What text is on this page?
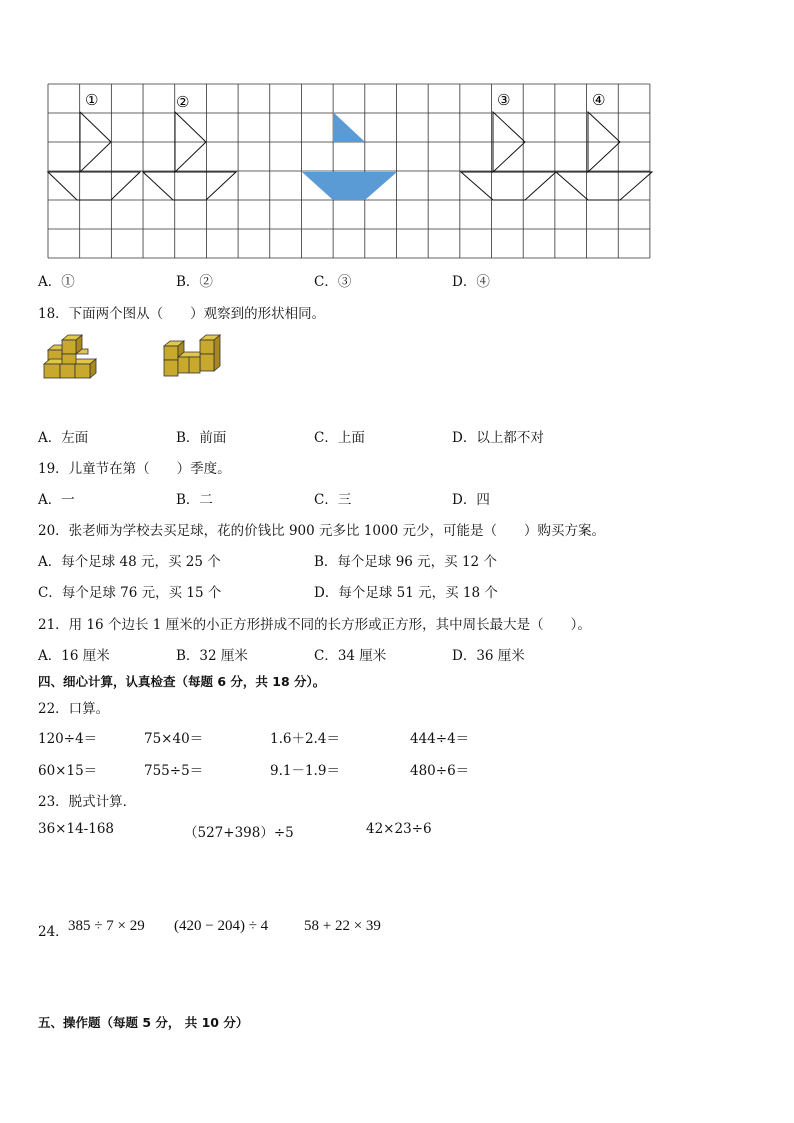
①	②	③	④
A．①	B．②	C．③	D．④
18．下面两个图从（　　）观察到的形状相同。
A．左面	B．前面	C．上面	D．以上都不对
19．儿童节在第（　　）季度。
A．一	B．二	C．三	D．四
20．张老师为学校去买足球，花的价钱比 900 元多比 1000 元少，可能是（　　）购买方案。
A．每个足球 48 元，买 25 个	B．每个足球 96 元，买 12 个
C．每个足球 76 元，买 15 个	D．每个足球 51 元，买 18 个
21．用 16 个边长 1 厘米的小正方形拼成不同的长方形或正方形，其中周长最大是（　　）。
A．16 厘米	B．32 厘米	C．34 厘米	D．36 厘米
四、细心计算，认真检查（每题 6 分，共 18 分）。
22．口算。
120÷4＝	75×40＝	1.6＋2.4＝	444÷4＝
60×15＝	755÷5＝	9.1－1.9＝	480÷6＝
23．脱式计算．
36×14-168	（527+398）÷5	42×23÷6
24． 385 ÷ 7 × 29 (420 − 204) ÷ 4 58 + 22 × 39
五、操作题（每题 5 分， 共 10 分）
